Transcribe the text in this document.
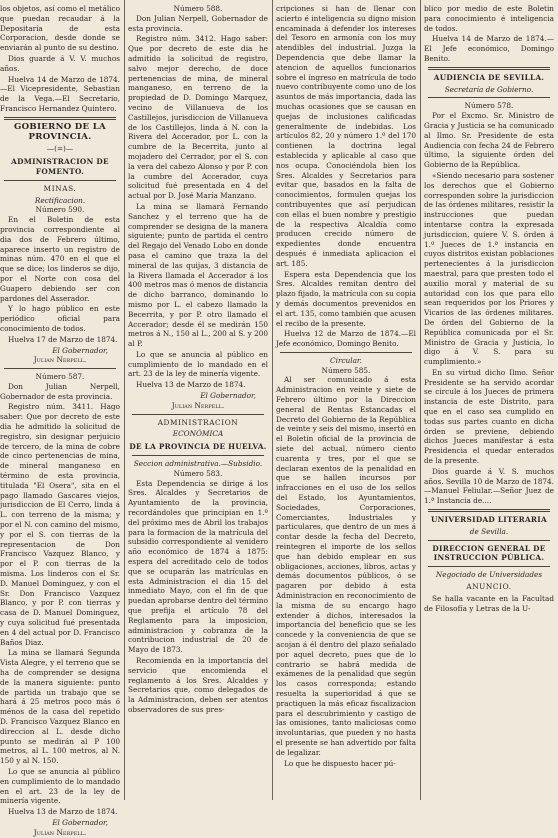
los objetos, así como el metálico que puedan recaudar á la Depositaría de esta Corporacion, desde donde se enviarán al punto de su destino.

Dios guarde á V. V. muchos años.

Huelva 14 de Marzo de 1874.—El Vicepresidente, Sebastian de la Vega.—El Secretario, Francisco Hernandez Quintero.

GOBIERNO DE LA PROVINCIA.
—(=)—
ADMINISTRACION DE FOMENTO.
MINAS.
Rectificacion.
Número 590.

En el Boletin de esta provincia correspondiente al dia dos de Febrero último, aparece inserto un registro de minas núm. 470 en el que el que se dice; los linderos se dijo, por el Norte con cosa del Guapero debiendo ser con pardones del Asserador.

Y lo hago público en este periódico oficial para conocimiento de todos.

Huelva 17 de Marzo de 1874.

El Gobernador,
Julian Nerpell.
Número 587.

Don Julian Nerpell, Gobernador de esta provincia.

Registro núm. 3411. Hago saber: Que por decreto de este dia he admitido la solicitud de registro, sin designar perjuicio de tercero, de la mina de cobre de cinco pertenencias de mina, de mineral manganeso en término de esta provincia, titulada "El Osera", sita en el pago llamado Gascares viejos, jurisdiccion de El Cerro, linda á L. con terreno de la misma; y por el N. con camino del mismo, y por el S. con tierras de la representacion de Don Francisco Vazquez Blanco, y por el P. con tierras de la misma. Los linderos con el Sr. D. Manuel Dominguez, y con el Sr. Don Francisco Vazquez Blanco, y por P. con tierras y casa de D. Manuel Dominguez, y cuya solicitud fué presentada en 4 del actual por D. Francisco Baños Diaz.

La mina se llamará Segunda Vista Alegre, y el terreno que se ha de comprender se designa de la manera siguiente: punto de partida un trabajo que se hará á 25 metros poco más ó ménos de la casa del repetido D. Francisco Vazquez Blanco en direccion al L. desde dicho punto se medirán al P 100 metros, al L. 100 metros, al N. 150 y al N. 150.

Lo que se anuncia al público en cumplimiento de lo mandado en el art. 23 de la ley de minería vigente.

Huelva 13 de Marzo de 1874.

El Gobernador,
Julian Nerpell.
Número 588.

Don Julian Nerpell, Gobernador de esta provincia.

Registro núm. 3412. Hago saber: Que por decreto de este dia he admitido la solicitud de registro, salvo mejor derecho, de doce pertenencias de mina, de mineral manganeso, en terreno de la propiedad de D. Domingo Marquez, vecino de Villanueva de los Castillejos, jurisdiccion de Villanueva de los Castillejos, linda á N. con la Rivera del Accerador, por L. con la cumbre de la Becerrita, junto al mojadero del Cerrador, por el S. con la vera del cabezo Alonso y por P. con la cumbre del Accerador, cuya solicitud fué presentada en 4 del actual por D. José María Manzano.

La mina se llamará Fernando Sanchez y el terreno que ha de comprender se designa de la manera siguiente; punto de partida el centro del Regajo del Venado Lobo en donde pasa el camino que traza la del mineral de las quijas, 3 distancia de la Rivera llamada el Accerador á los 400 metros mas ó menos de distancia de dicho barranco, dominando lo mismo por L. el cabezo llamado la Becerrita, y por P. otro llamado el Accerador; desde él se medirán 150 metros á N., 150 al L., 200 al S. y 200 al P.

Lo que se anuncia al público en cumplimiento de lo mandado en el art. 23 de la ley de minería vigente.

Huelva 13 de Marzo de 1874.

El Gobernador,
Julian Nerpell.
ADMINISTRACION
ECONÓMICA
DE LA PROVINCIA DE HUELVA.
Seccion administrativa.—Subsidio.
Número 583.

Esta Dependencia se dirige á los Sres. Alcaldes y Secretarios de Ayuntamiento de la provincia, recordándoles que principian en 1.º del próximo mes de Abril los trabajos para la formacion de la matrícula del subsidio correspondiente al venidero año económico de 1874 á 1875: espera del acreditado celo de todos que se ocuparán las matrículas en esta Administracion el dia 15 del inmediato Mayo, con el fin de que puedan aprobarse dentro del término que prefija el artículo 78 del Reglamento para la imposicion, administracion y cobranza de la contribucion industrial de 20 de Mayo de 1873.

Recomienda en la importancia del servicio que encomienda el reglamento á los Sres. Alcaldes y Secretarios que, como delegados de la Administracion, deben ser atentos observadores de sus pres-

cripciones si han de llenar con acierto é inteligencia su digno mision encaminada á defender los intereses del Tesoro en armonía con los muy atendibles del industrial. Juzga la Dependencia que debe llamar la atencion de aquellos funcionarios sobre el ingreso en matrícula de todo nuevo contribuyente como uno de los asuntos de más importancia, dada las muchas ocasiones que se causan en quejas de inclusiones calificadas generalmente de indebidas. Los artículos 82, 20 y número 1.º del 170 contienen la doctrina legal establecida y aplicable al caso que nos ocupa. Conociéndola bien los Sres. Alcaldes y Secretarios para evitar que, basados en la falta de conocimientos, formulen quejas los contribuyentes que así perjudican con ellas el buen nombre y prestigio de la respectiva Alcaldía como producen crecido número de expedientes donde encuentra después é inmediata aplicacion el art. 185.

Espera esta Dependencia que los Sres. Alcaldes remitan dentro del plazo fijado, la matrícula con su copia y demás documentos prevenidos en el art. 135, como también que acusen el recibo de la presente.

Huelva 12 de Marzo de 1874.—El Jefe económico, Domingo Benito.

Circular.
Número 585.

Al ser comunicado á esta Administracion en veinte y siete de Febrero último por la Direccion general de Rentas Estancadas el Decreto del Gobierno de la República de veinte y seis del mismo, insertó en el Boletin oficial de la provincia de siete del actual, número ciento cuarenta y tres, por el que se declaran exentos de la penalidad en que se hallen incursos por infracciones en el uso de los sellos del Estado, los Ayuntamientos, Sociedades, Corporaciones, Comerciantes, Industriales y particulares, que dentro de un mes á contar desde la fecha del Decreto, reintegren el importe de los sellos que han debido emplear en sus obligaciones, acciones, libros, actas y demás documentos públicos, ó se pagaren por debido á esta Administracion en reconocimiento de la misma de su encargo hago extender á dichos, interesados la importancia del beneficio que se les concede y la conveniencia de que se acojan á él dentro del plazo señalado por aquel decreto, pues que de lo contrario se habrá medida de exámenes de la penalidad que según los casos corresponda; estando resuelta la superioridad á que se practiquen la más eficaz fiscalizacion para el descubrimiento y castigo de las omisiones, tanto maliciosas como involuntarias, que pueden y no hasta el presente se han advertido por falta de legalizar.

Lo que he dispuesto hacer pú-

blico por medio de este Boletin para conocimiento é inteligencia de todos.

Huelva 14 de Marzo de 1874.—El Jefe económico, Domingo Benito.

AUDIENCIA DE SEVILLA.
Secretaría de Gobierno.
Número 578.

Por el Excmo. Sr. Ministro de Gracia y Justicia se ha comunicado al Ilmo. Sr. Presidente de esta Audiencia con fecha 24 de Febrero último, la siguiente órden del Gobierno de la República.

«Siendo necesario para sostener los derechos que el Gobierno corresponden sobre la jurisdiccion de las órdenes militares, resistir la instrucciones que puedan intentarse contra la expresada jurisdiccion, quiere V. S. órden á 1.º Jueces de 1.ª instancia en cuyos distritos existan poblaciones pertenecientes á la jurisdiccion maestral, para que presten todo el auxilio moral y material de su autoridad con los que para ello sean requeridos por los Priores y Vicarios de las órdenes militares. De órden del Gobierno de la República comunicada por el Sr. Ministro de Gracia y Justicia, lo digo á V. S. para su cumplimiento.»

En su virtud dicho Ilmo. Señor Presidente se ha servido acordar se circule á los Jueces de primera instancia de este Distrito, para que en el caso sea cumplido en todas sus partes cuanto en dicha órden se previene, debiendo dichos Jueces manifestar á esta Presidencia el quedar enterados de la presente.

Dios guarde á V. S. muchos años. Sevilla 10 de Marzo de 1874.—Manuel Feliular.—Señor Juez de 1.ª Instancia de....

UNIVERSIDAD LITERARIA
de Sevilla.
DIRECCION GENERAL DE INSTRUCCION PÚBLICA.
Negociado de Universidades
ANUNCIO.

Se halla vacante en la Facultad de Filosofía y Letras de la U-
